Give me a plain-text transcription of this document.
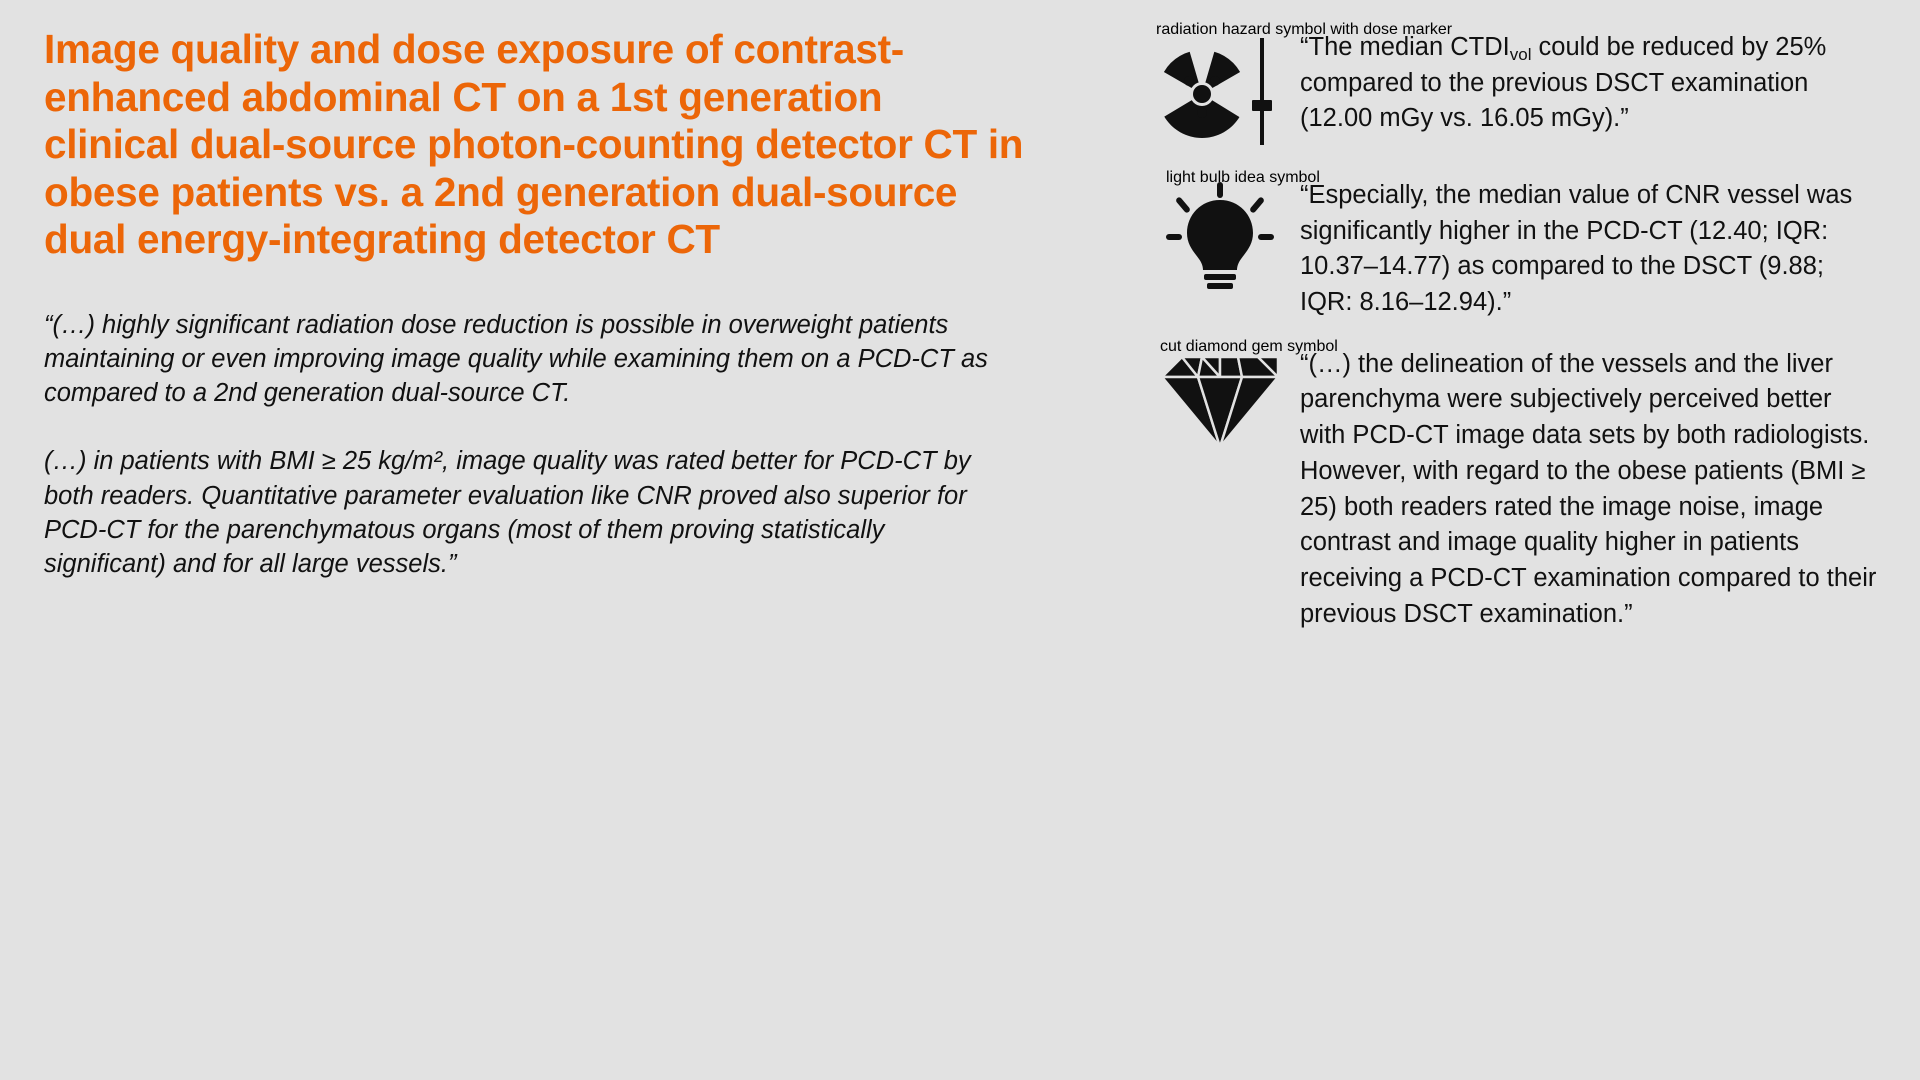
Image quality and dose exposure of contrast-enhanced abdominal CT on a 1st generation clinical dual-source photon-counting detector CT in obese patients vs. a 2nd generation dual-source dual energy-integrating detector CT

“(…) highly significant radiation dose reduction is possible in overweight patients maintaining or even improving image quality while examining them on a PCD-CT as compared to a 2nd generation dual-source CT.

(…) in patients with BMI ≥ 25 kg/m², image quality was rated better for PCD-CT by both readers. Quantitative parameter evaluation like CNR proved also superior for PCD-CT for the parenchymatous organs (most of them proving statistically significant) and for all large vessels.”

radiation hazard symbol with dose marker
“The median $CTDI_{vol}$ could be reduced by 25% compared to the previous DSCT examination (12.00 mGy vs. 16.05 mGy).”
light bulb idea symbol
“Especially, the median value of CNR vessel was significantly higher in the PCD-CT (12.40; IQR: 10.37–14.77) as compared to the DSCT (9.88; IQR: 8.16–12.94).”
cut diamond gem symbol
“(…) the delineation of the vessels and the liver parenchyma were subjectively perceived better with PCD-CT image data sets by both radiologists. However, with regard to the obese patients (BMI ≥ 25) both readers rated the image noise, image contrast and image quality higher in patients receiving a PCD-CT examination compared to their previous DSCT examination.”
